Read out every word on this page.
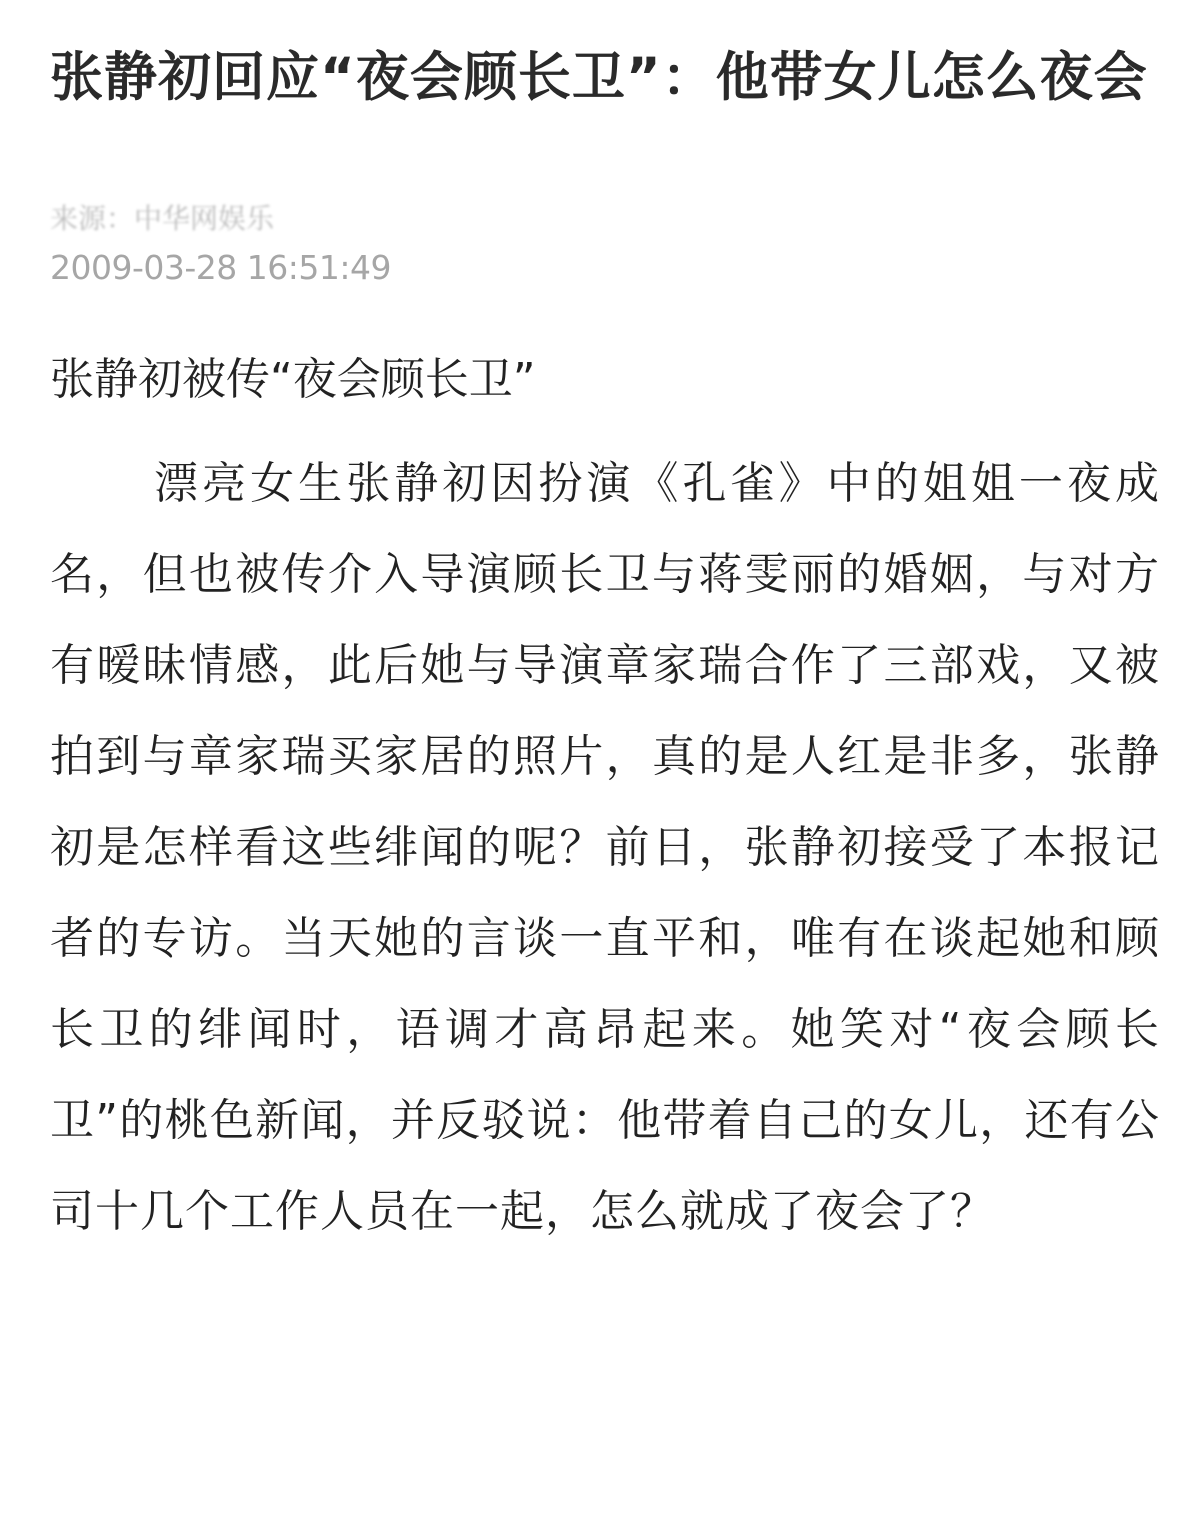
张静初回应“夜会顾长卫”：他带女儿怎么夜会
来源：中华网娱乐
2009-03-28 16:51:49
张静初被传“夜会顾长卫”

漂亮女生张静初因扮演《孔雀》中的姐姐一夜成名，但也被传介入导演顾长卫与蒋雯丽的婚姻，与对方有暧昧情感，此后她与导演章家瑞合作了三部戏，又被拍到与章家瑞买家居的照片，真的是人红是非多，张静初是怎样看这些绯闻的呢？前日，张静初接受了本报记者的专访。当天她的言谈一直平和，唯有在谈起她和顾长卫的绯闻时，语调才高昂起来。她笑对“夜会顾长卫”的桃色新闻，并反驳说：他带着自己的女儿，还有公司十几个工作人员在一起，怎么就成了夜会了？
